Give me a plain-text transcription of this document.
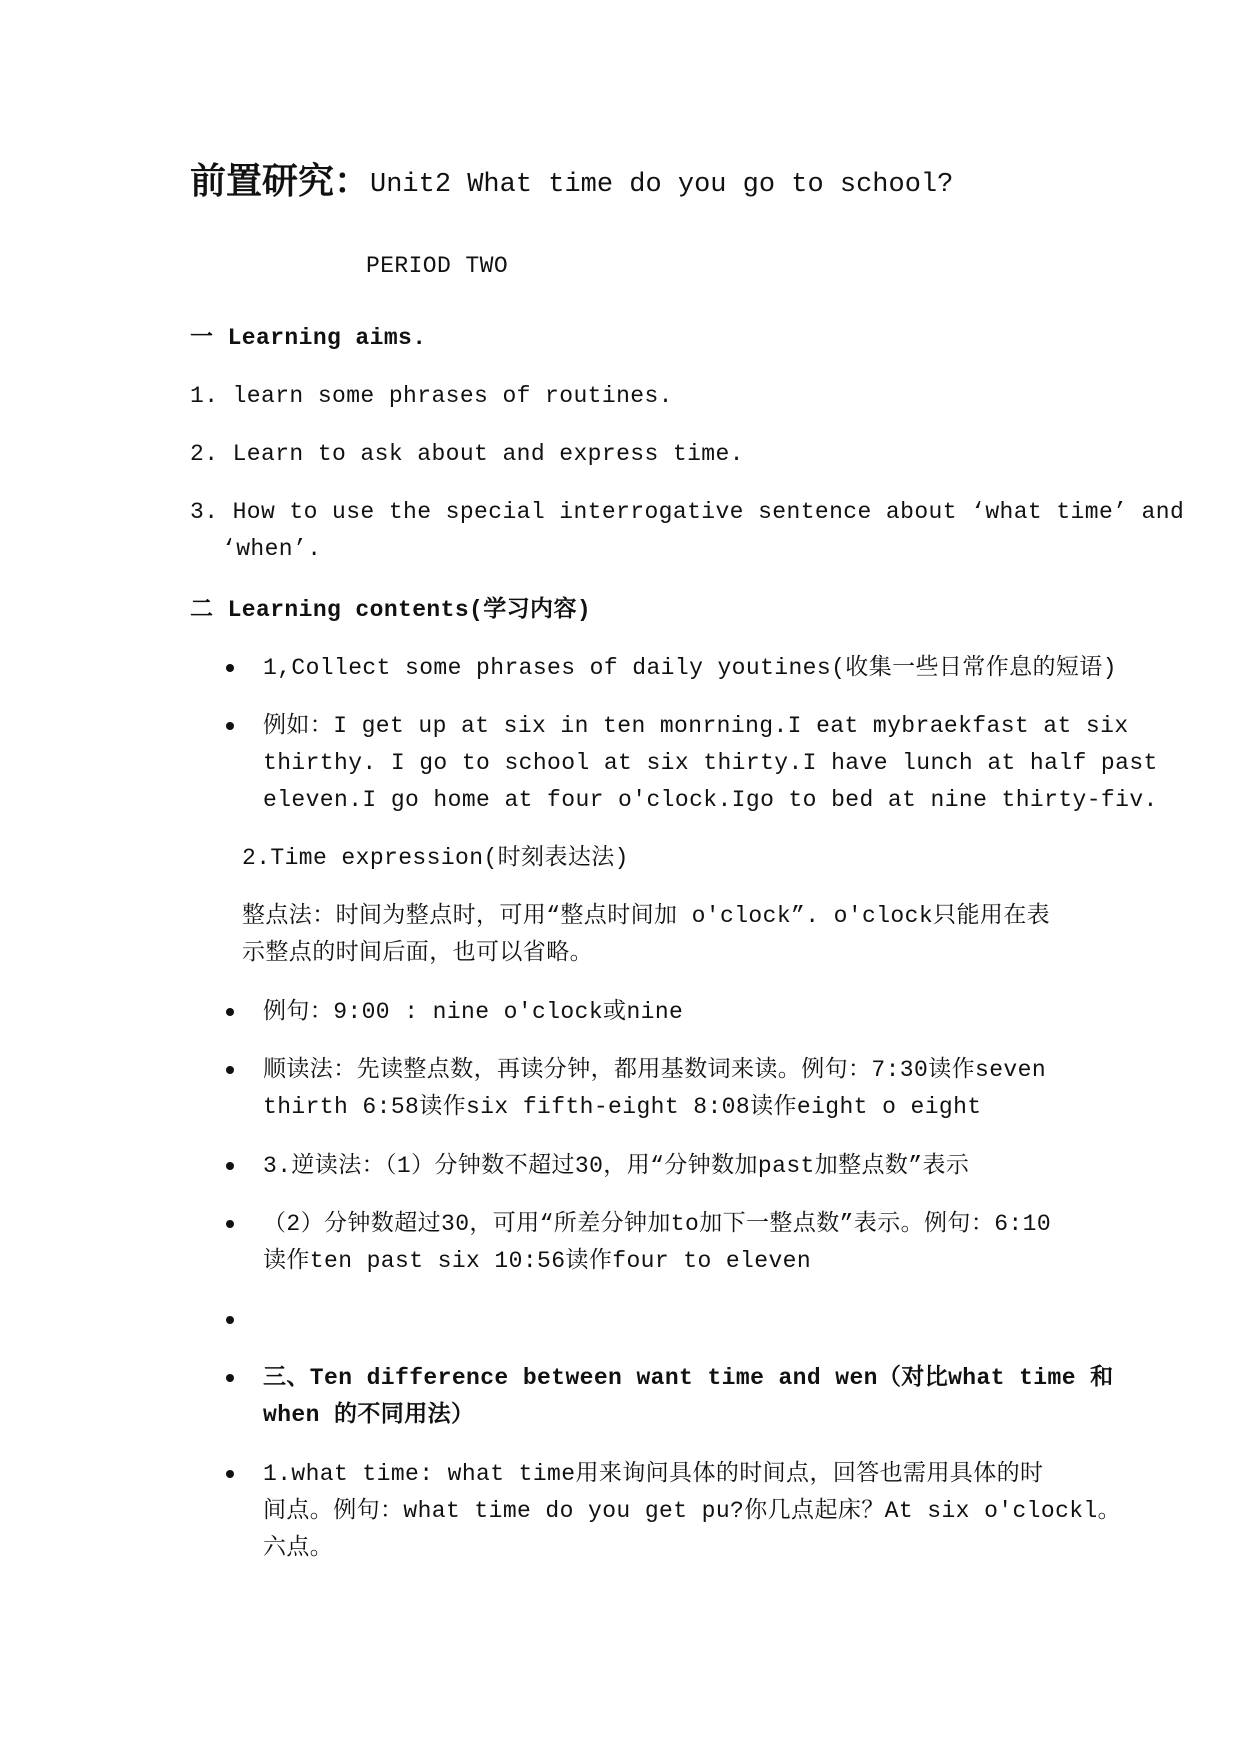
前置研究：Unit2 What time do you go to school?
PERIOD TWO
一 Learning aims.
1. learn some phrases of routines.
2. Learn to ask about and express time.
3. How to use the special interrogative sentence about ‘what time’ and
‘when’.
二 Learning contents(学习内容)
1,Collect some phrases of daily youtines(收集一些日常作息的短语)
例如：I get up at six in ten monrning.I eat mybraekfast at six
thirthy. I go to school at six thirty.I have lunch at half past
eleven.I go home at four o'clock.Igo to bed at nine thirty-fiv.
2.Time expression(时刻表达法)
整点法：时间为整点时，可用“整点时间加 o'clock”. o'clock只能用在表
示整点的时间后面，也可以省略。
例句：9:00 : nine o'clock或nine
顺读法：先读整点数，再读分钟，都用基数词来读。例句：7:30读作seven
thirth 6:58读作six fifth-eight 8:08读作eight o eight
3.逆读法：（1）分钟数不超过30，用“分钟数加past加整点数”表示
（2）分钟数超过30，可用“所差分钟加to加下一整点数”表示。例句：6:10
读作ten past six 10:56读作four to eleven
三、Ten difference between want time and wen（对比what time 和
when 的不同用法）
1.what time: what time用来询问具体的时间点，回答也需用具体的时
间点。例句：what time do you get pu?你几点起床？At six o'clockl。
六点。
